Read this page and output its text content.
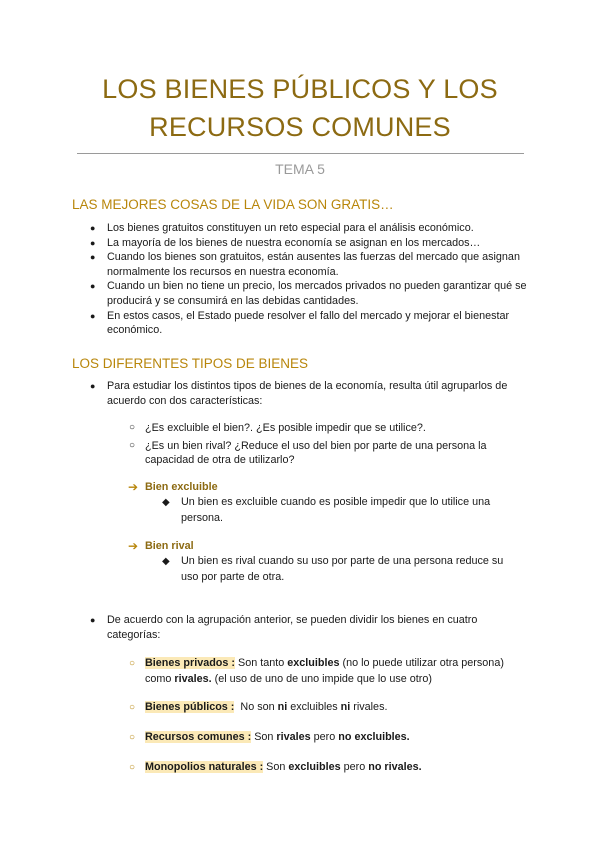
LOS BIENES PÚBLICOS Y LOS RECURSOS COMUNES
TEMA 5
LAS MEJORES COSAS DE LA VIDA SON GRATIS…
● Los bienes gratuitos constituyen un reto especial para el análisis económico.
● La mayoría de los bienes de nuestra economía se asignan en los mercados…
● Cuando los bienes son gratuitos, están ausentes las fuerzas del mercado que asignan normalmente los recursos en nuestra economía.
● Cuando un bien no tiene un precio, los mercados privados no pueden garantizar qué se producirá y se consumirá en las debidas cantidades.
● En estos casos, el Estado puede resolver el fallo del mercado y mejorar el bienestar económico.
LOS DIFERENTES TIPOS DE BIENES
● Para estudiar los distintos tipos de bienes de la economía, resulta útil agruparlos de acuerdo con dos características:
○ ¿Es excluible el bien?. ¿Es posible impedir que se utilice?.
○ ¿Es un bien rival? ¿Reduce el uso del bien por parte de una persona la capacidad de otra de utilizarlo?
➔ Bien excluible
◆ Un bien es excluible cuando es posible impedir que lo utilice una persona.
➔ Bien rival
◆ Un bien es rival cuando su uso por parte de una persona reduce su uso por parte de otra.
● De acuerdo con la agrupación anterior, se pueden dividir los bienes en cuatro categorías:
○ Bienes privados : Son tanto excluibles (no lo puede utilizar otra persona) como rivales. (el uso de uno de uno impide que lo use otro)
○ Bienes públicos :  No son ni excluibles ni rivales.
○ Recursos comunes : Son rivales pero no excluibles.
○ Monopolios naturales : Son excluibles pero no rivales.
